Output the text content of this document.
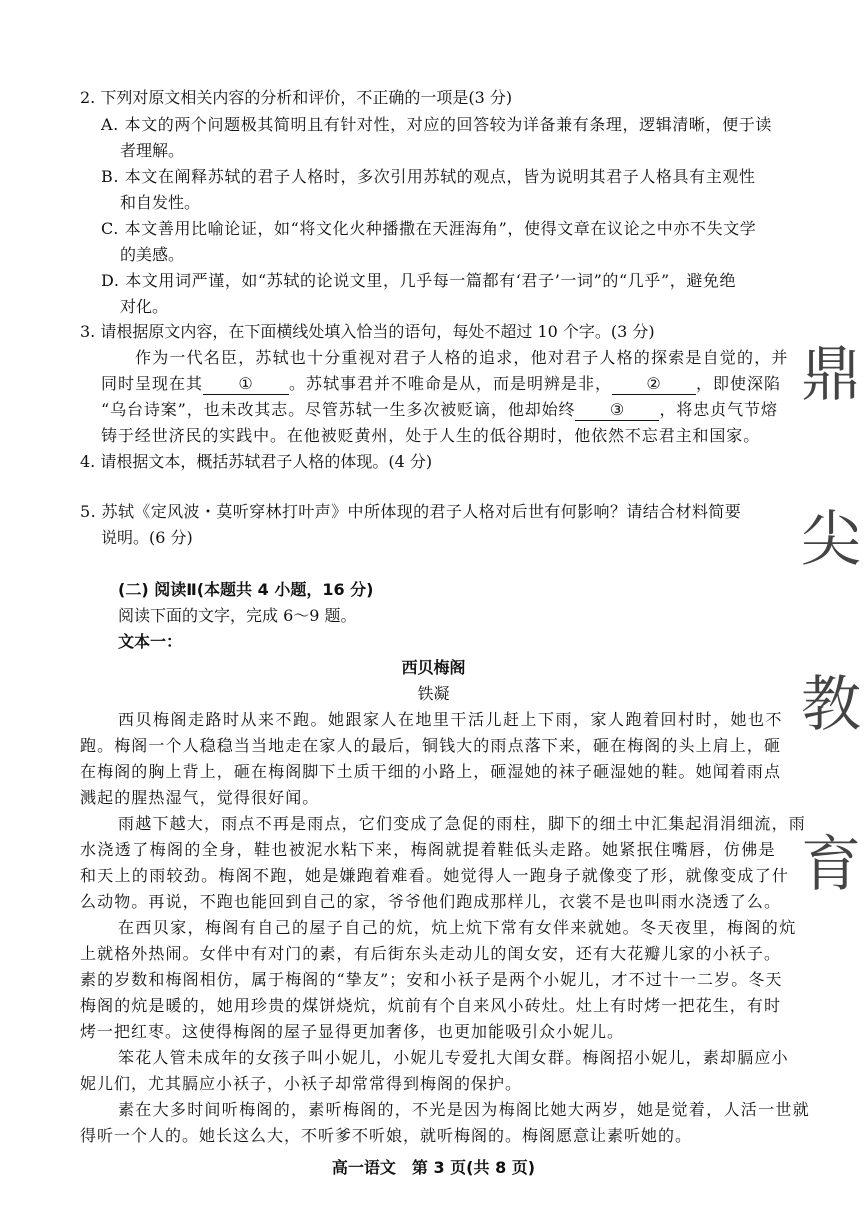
2. 下列对原文相关内容的分析和评价，不正确的一项是(3 分)
A. 本文的两个问题极其简明且有针对性，对应的回答较为详备兼有条理，逻辑清晰，便于读
者理解。
B. 本文在阐释苏轼的君子人格时，多次引用苏轼的观点，皆为说明其君子人格具有主观性
和自发性。
C. 本文善用比喻论证，如“将文化火种播撒在天涯海角”，使得文章在议论之中亦不失文学
的美感。
D. 本文用词严谨，如“苏轼的论说文里，几乎每一篇都有‘君子’一词”的“几乎”，避免绝
对化。
3. 请根据原文内容，在下面横线处填入恰当的语句，每处不超过 10 个字。(3 分)
作为一代名臣，苏轼也十分重视对君子人格的追求，他对君子人格的探索是自觉的，并
同时呈现在其 ① 。苏轼事君并不唯命是从，而是明辨是非， ② ，即使深陷
“乌台诗案”，也未改其志。尽管苏轼一生多次被贬谪，他却始终 ③ ，将忠贞气节熔
铸于经世济民的实践中。在他被贬黄州，处于人生的低谷期时，他依然不忘君主和国家。
4. 请根据文本，概括苏轼君子人格的体现。(4 分)
5. 苏轼《定风波・莫听穿林打叶声》中所体现的君子人格对后世有何影响？请结合材料简要
说明。(6 分)
(二) 阅读Ⅱ(本题共 4 小题，16 分)
阅读下面的文字，完成 6～9 题。
文本一：
西贝梅阁
铁凝
西贝梅阁走路时从来不跑。她跟家人在地里干活儿赶上下雨，家人跑着回村时，她也不
跑。梅阁一个人稳稳当当地走在家人的最后，铜钱大的雨点落下来，砸在梅阁的头上肩上，砸
在梅阁的胸上背上，砸在梅阁脚下土质干细的小路上，砸湿她的袜子砸湿她的鞋。她闻着雨点
溅起的腥热湿气，觉得很好闻。
雨越下越大，雨点不再是雨点，它们变成了急促的雨柱，脚下的细土中汇集起涓涓细流，雨
水浇透了梅阁的全身，鞋也被泥水粘下来，梅阁就提着鞋低头走路。她紧抿住嘴唇，仿佛是
和天上的雨较劲。梅阁不跑，她是嫌跑着难看。她觉得人一跑身子就像变了形，就像变成了什
么动物。再说，不跑也能回到自己的家，爷爷他们跑成那样儿，衣裳不是也叫雨水浇透了么。
在西贝家，梅阁有自己的屋子自己的炕，炕上炕下常有女伴来就她。冬天夜里，梅阁的炕
上就格外热闹。女伴中有对门的素，有后街东头走动儿的闺女安，还有大花瓣儿家的小袄子。
素的岁数和梅阁相仿，属于梅阁的“挚友”；安和小袄子是两个小妮儿，才不过十一二岁。冬天
梅阁的炕是暖的，她用珍贵的煤饼烧炕，炕前有个自来风小砖灶。灶上有时烤一把花生，有时
烤一把红枣。这使得梅阁的屋子显得更加奢侈，也更加能吸引众小妮儿。
笨花人管未成年的女孩子叫小妮儿，小妮儿专爱扎大闺女群。梅阁招小妮儿，素却膈应小
妮儿们，尤其膈应小袄子，小袄子却常常得到梅阁的保护。
素在大多时间听梅阁的，素听梅阁的，不光是因为梅阁比她大两岁，她是觉着，人活一世就
得听一个人的。她长这么大，不听爹不听娘，就听梅阁的。梅阁愿意让素听她的。
高一语文　第 3 页(共 8 页)
鼎
尖
教
育
